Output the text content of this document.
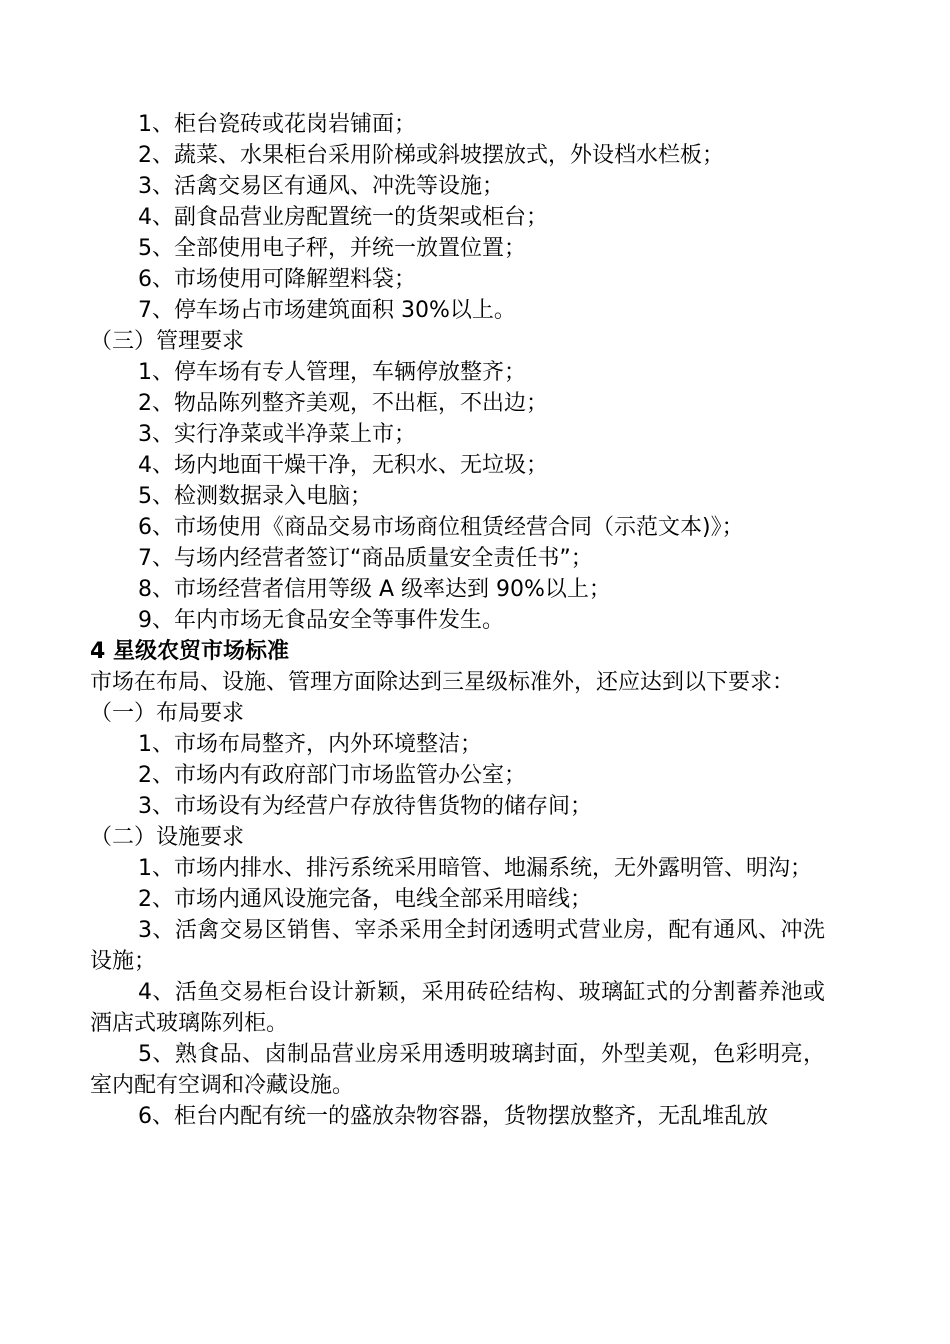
1、柜台瓷砖或花岗岩铺面；
2、蔬菜、水果柜台采用阶梯或斜坡摆放式，外设档水栏板；
3、活禽交易区有通风、冲洗等设施；
4、副食品营业房配置统一的货架或柜台；
5、全部使用电子秤，并统一放置位置；
6、市场使用可降解塑料袋；
7、停车场占市场建筑面积 30%以上。
（三）管理要求
1、停车场有专人管理，车辆停放整齐；
2、物品陈列整齐美观，不出框，不出边；
3、实行净菜或半净菜上市；
4、场内地面干燥干净，无积水、无垃圾；
5、检测数据录入电脑；
6、市场使用《商品交易市场商位租赁经营合同（示范文本)》；
7、与场内经营者签订“商品质量安全责任书”；
8、市场经营者信用等级 A 级率达到 90%以上；
9、年内市场无食品安全等事件发生。
4 星级农贸市场标准
市场在布局、设施、管理方面除达到三星级标准外，还应达到以下要求：
（一）布局要求
1、市场布局整齐，内外环境整洁；
2、市场内有政府部门市场监管办公室；
3、市场设有为经营户存放待售货物的储存间；
（二）设施要求
1、市场内排水、排污系统采用暗管、地漏系统，无外露明管、明沟；
2、市场内通风设施完备，电线全部采用暗线；
3、活禽交易区销售、宰杀采用全封闭透明式营业房，配有通风、冲洗设施；
4、活鱼交易柜台设计新颖，采用砖砼结构、玻璃缸式的分割蓄养池或酒店式玻璃陈列柜。
5、熟食品、卤制品营业房采用透明玻璃封面，外型美观，色彩明亮，室内配有空调和冷藏设施。
6、柜台内配有统一的盛放杂物容器，货物摆放整齐，无乱堆乱放
